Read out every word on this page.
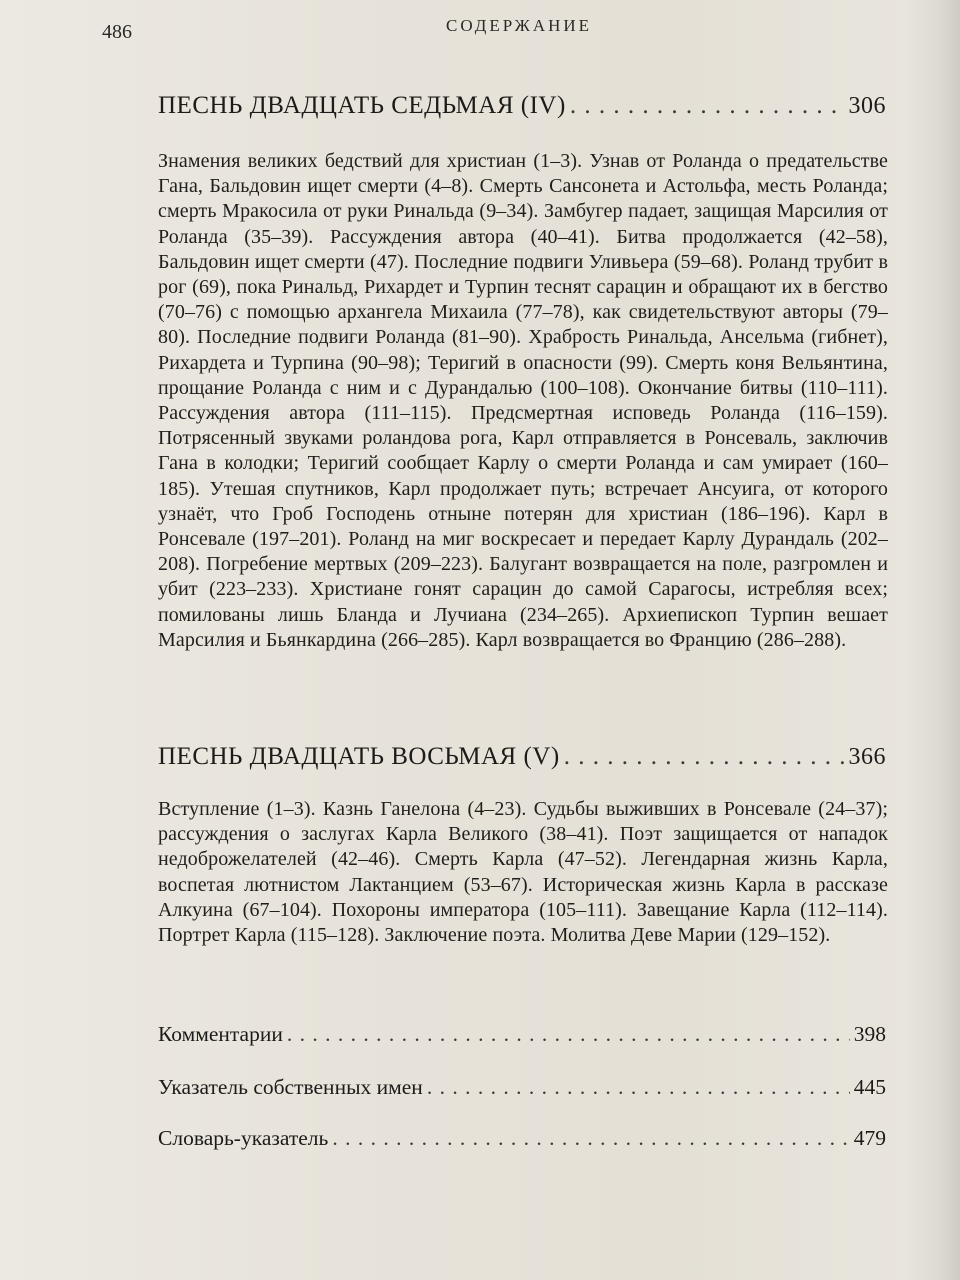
486	СОДЕРЖАНИЕ
ПЕСНЬ ДВАДЦАТЬ СЕДЬМАЯ (IV) . . .	306
Знамения великих бедствий для христиан (1–3). Узнав от Роланда о предательстве Гана, Бальдовин ищет смерти (4–8). Смерть Сансонета и Астольфа, месть Роланда; смерть Мракосила от руки Ринальда (9–34). Замбугер падает, защищая Марсилия от Роланда (35–39). Рассуждения автора (40–41). Битва продолжается (42–58), Бальдовин ищет смерти (47). Последние подвиги Уливьера (59–68). Роланд трубит в рог (69), пока Ринальд, Рихардет и Турпин теснят сарацин и обращают их в бегство (70–76) с помощью архангела Михаила (77–78), как свидетельствуют авторы (79–80). Последние подвиги Роланда (81–90). Храбрость Ринальда, Ансельма (гибнет), Рихардета и Турпина (90–98); Теригий в опасности (99). Смерть коня Вельянтина, прощание Роланда с ним и с Дурандалью (100–108). Окончание битвы (110–111). Рассуждения автора (111–115). Предсмертная исповедь Роланда (116–159). Потрясенный звуками роландова рога, Карл отправляется в Ронсеваль, заключив Гана в колодки; Теригий сообщает Карлу о смерти Роланда и сам умирает (160–185). Утешая спутников, Карл продолжает путь; встречает Ансуига, от которого узнаёт, что Гроб Господень отныне потерян для христиан (186–196). Карл в Ронсевале (197–201). Роланд на миг воскресает и передает Карлу Дурандаль (202–208). Погребение мертвых (209–223). Балугант возвращается на поле, разгромлен и убит (223–233). Христиане гонят сарацин до самой Сарагосы, истребляя всех; помилованы лишь Бланда и Лучиана (234–265). Архиепископ Турпин вешает Марсилия и Бьянкардина (266–285). Карл возвращается во Францию (286–288).
ПЕСНЬ ДВАДЦАТЬ ВОСЬМАЯ (V) . . .	366
Вступление (1–3). Казнь Ганелона (4–23). Судьбы выживших в Ронсевале (24–37); рассуждения о заслугах Карла Великого (38–41). Поэт защищается от нападок недоброжелателей (42–46). Смерть Карла (47–52). Легендарная жизнь Карла, воспетая лютнистом Лактанцием (53–67). Историческая жизнь Карла в рассказе Алкуина (67–104). Похороны императора (105–111). Завещание Карла (112–114). Портрет Карла (115–128). Заключение поэта. Молитва Деве Марии (129–152).
Комментарии . . .	398
Указатель собственных имен . . .	445
Словарь-указатель . . .	479
